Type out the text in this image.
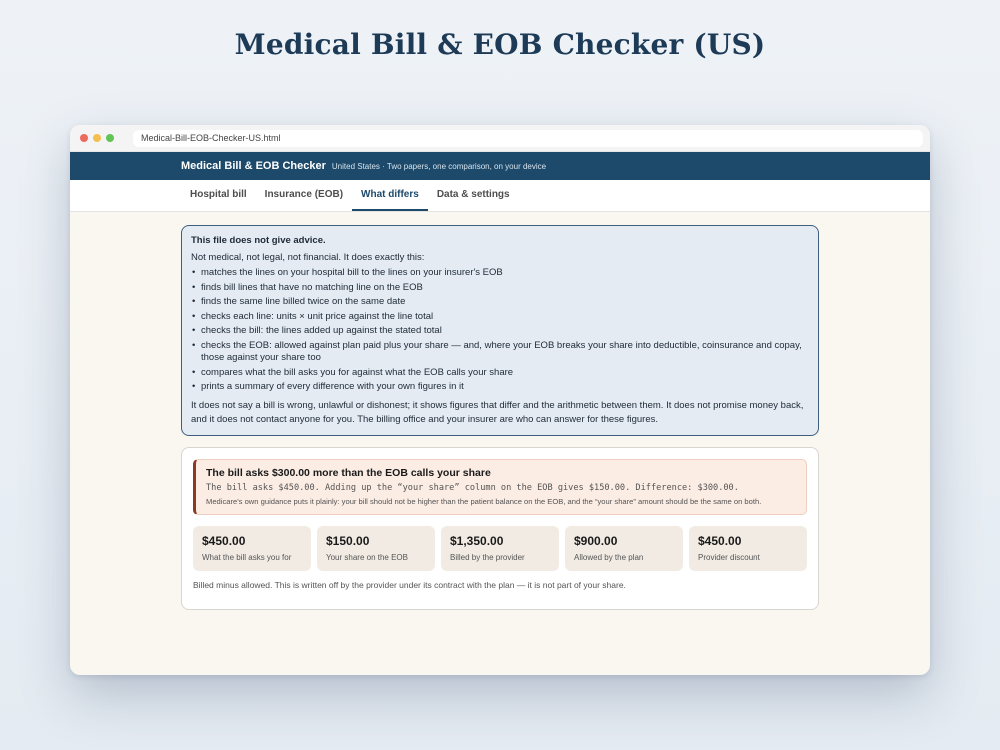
Medical Bill & EOB Checker (US)
Medical-Bill-EOB-Checker-US.html
Medical Bill & EOB Checker United States · Two papers, one comparison, on your device
Hospital bill	Insurance (EOB)	What differs	Data & settings
This file does not give advice.
Not medical, not legal, not financial. It does exactly this:
• matches the lines on your hospital bill to the lines on your insurer's EOB
• finds bill lines that have no matching line on the EOB
• finds the same line billed twice on the same date
• checks each line: units × unit price against the line total
• checks the bill: the lines added up against the stated total
• checks the EOB: allowed against plan paid plus your share — and, where your EOB breaks your share into deductible, coinsurance and copay, those against your share too
• compares what the bill asks you for against what the EOB calls your share
• prints a summary of every difference with your own figures in it
It does not say a bill is wrong, unlawful or dishonest; it shows figures that differ and the arithmetic between them. It does not promise money back, and it does not contact anyone for you. The billing office and your insurer are who can answer for these figures.
The bill asks $300.00 more than the EOB calls your share
The bill asks $450.00. Adding up the “your share” column on the EOB gives $150.00. Difference: $300.00.
Medicare's own guidance puts it plainly: your bill should not be higher than the patient balance on the EOB, and the “your share” amount should be the same on both.
$450.00
What the bill asks you for
$150.00
Your share on the EOB
$1,350.00
Billed by the provider
$900.00
Allowed by the plan
$450.00
Provider discount
Billed minus allowed. This is written off by the provider under its contract with the plan — it is not part of your share.
